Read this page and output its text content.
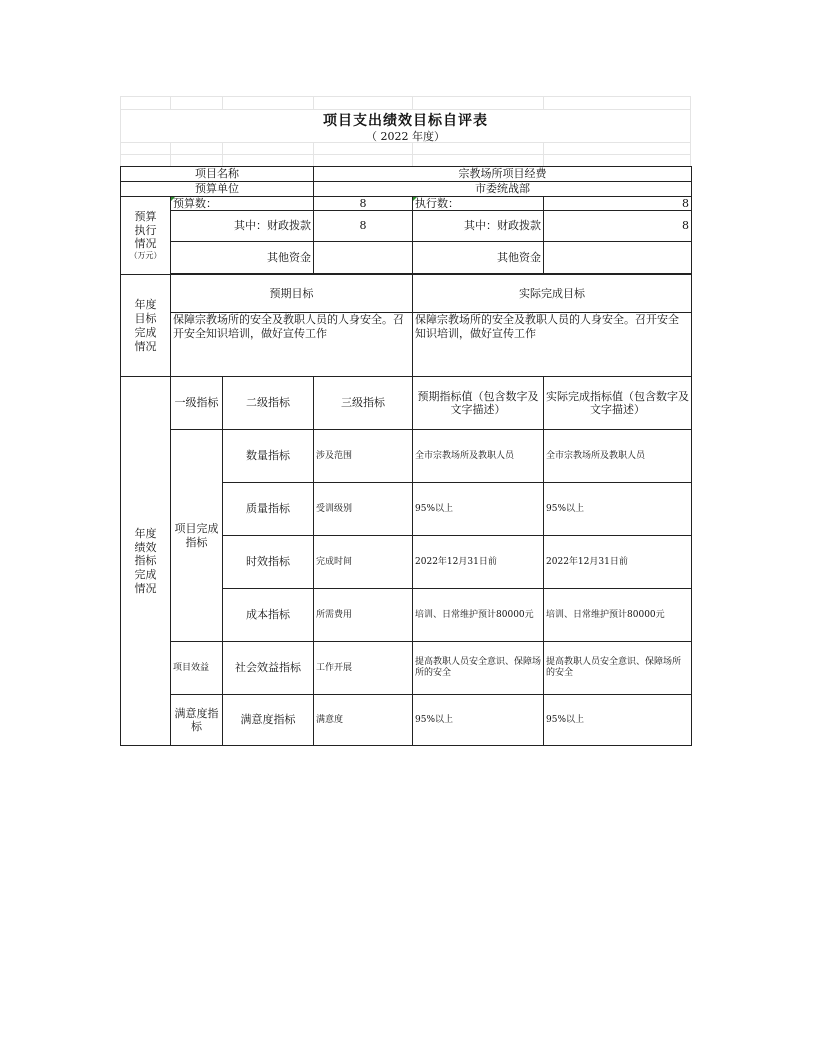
项目支出绩效目标自评表
（ 2022 年度）
项目名称			宗教场所项目经费		
预算单位			市委统战部		

预算执行情况
（万元）	预算数：		8	执行数：	8
	其中：财政拨款		8	其中：财政拨款	8
	其他资金			其他资金	

年度目标完成情况	预期目标			实际完成目标	
	保障宗教场所的安全及教职人员的人身安全。召开安全知识培训，做好宣传工作			保障宗教场所的安全及教职人员的人身安全。召开安全知识培训，做好宣传工作	

年度绩效指标完成情况	一级指标	二级指标	三级指标	预期指标值（包含数字及文字描述）	实际完成指标值（包含数字及文字描述）
	项目完成指标	数量指标	涉及范围	全市宗教场所及教职人员	全市宗教场所及教职人员
		质量指标	受训级别	95%以上	95%以上
		时效指标	完成时间	2022年12月31日前	2022年12月31日前
		成本指标	所需费用	培训、日常维护预计80000元	培训、日常维护预计80000元
	项目效益	社会效益指标	工作开展	提高教职人员安全意识、保障场所的安全	提高教职人员安全意识、保障场所的安全
	满意度指标	满意度指标	满意度	95%以上	95%以上
